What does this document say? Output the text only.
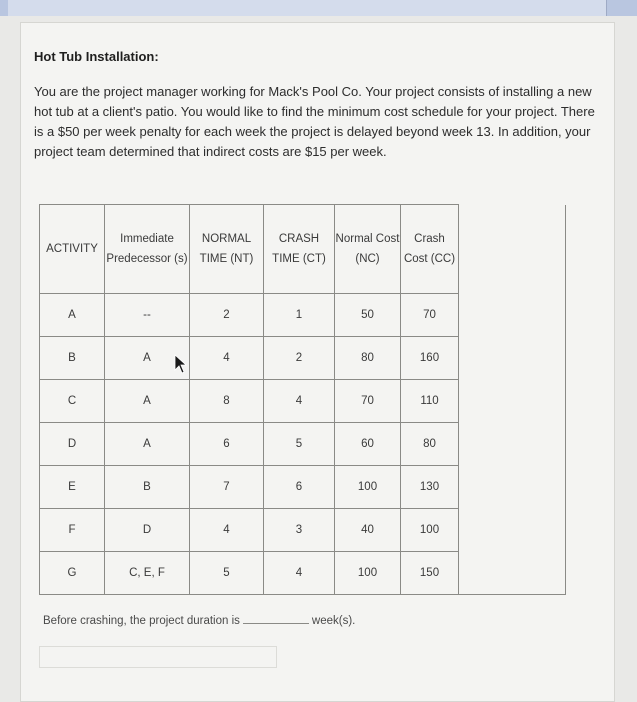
Hot Tub Installation:
You are the project manager working for Mack's Pool Co. Your project consists of installing a new hot tub at a client's patio. You would like to find the minimum cost schedule for your project. There is a $50 per week penalty for each week the project is delayed beyond week 13. In addition, your project team determined that indirect costs are $15 per week.
ACTIVITY	Immediate Predecessor (s)	NORMAL TIME (NT)	CRASH TIME (CT)	Normal Cost (NC)	Crash Cost (CC)	
A	--	2	1	50	70	
B	A	4	2	80	160	
C	A	8	4	70	110	
D	A	6	5	60	80	
E	B	7	6	100	130	
F	D	4	3	40	100	
G	C, E, F	5	4	100	150	
Before crashing, the project duration is	week(s).
